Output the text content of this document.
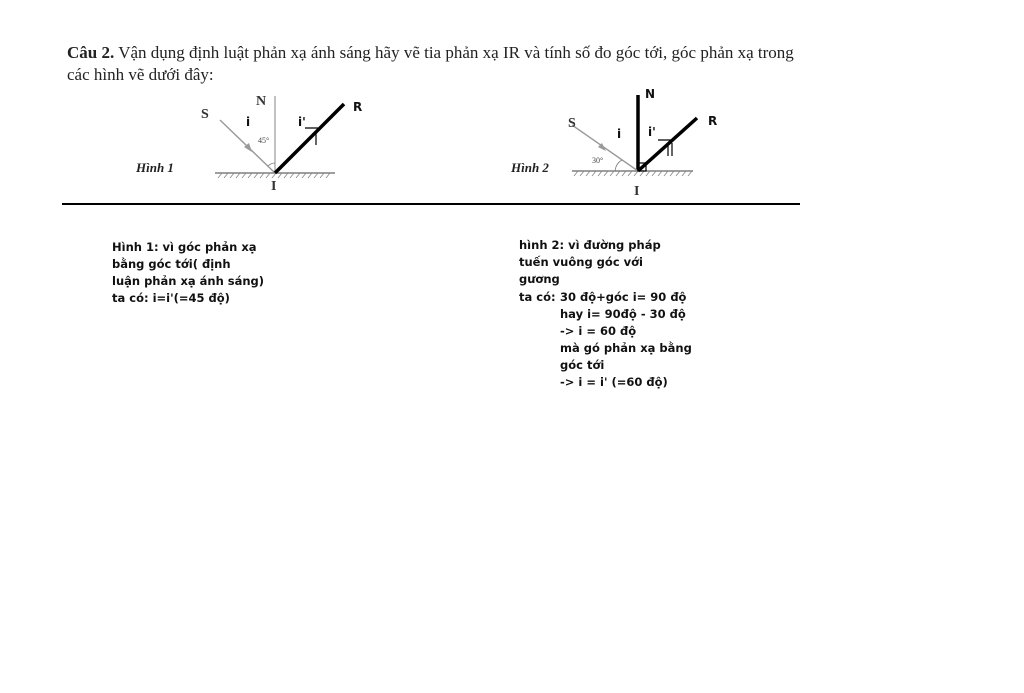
Câu 2. Vận dụng định luật phản xạ ánh sáng hãy vẽ tia phản xạ IR và tính số đo góc tới, góc phản xạ trong các hình vẽ dưới đây:
Hình 1
S
N	R
I
i	i'
45°
Hình 2
S
N
R
I
i i'
30°
Hình 1: vì góc phản xạ
bằng góc tới( định
luận phản xạ ánh sáng)
ta có: i=i'(=45 độ)
hình 2: vì đường pháp
tuến vuông góc với
gương
ta có: 30 độ+góc i= 90 độ
hay i= 90độ - 30 độ
-> i = 60 độ
mà gó phản xạ bằng
góc tới
-> i = i' (=60 độ)
